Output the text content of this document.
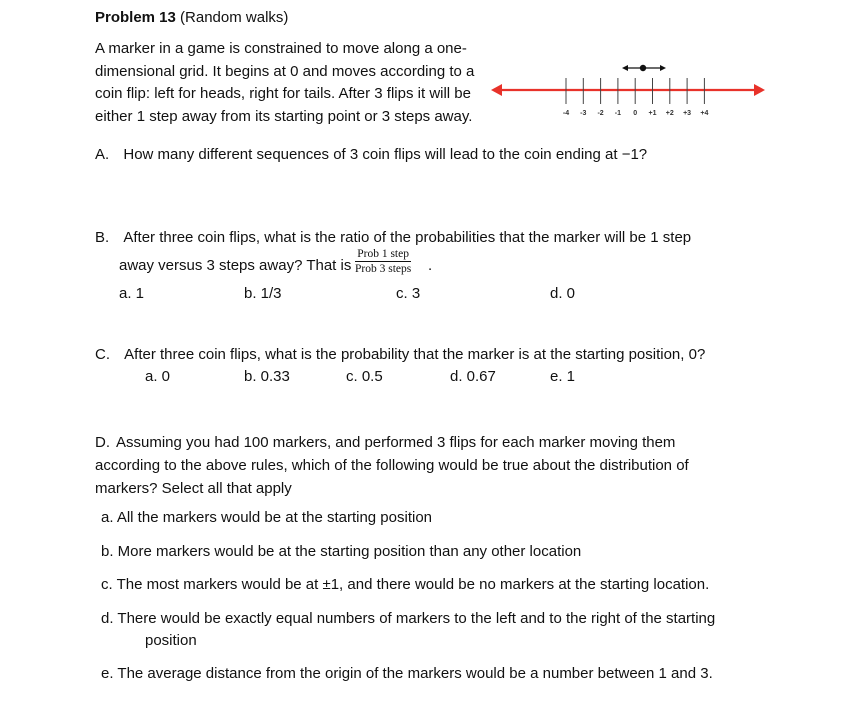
Problem 13 (Random walks)
A marker in a game is constrained to move along a one-
dimensional grid. It begins at 0 and moves according to a
coin flip: left for heads, right for tails. After 3 flips it will be
either 1 step away from its starting point or 3 steps away.	-4 -3 -2 -1 0 +1 +2 +3 +4
A. How many different sequences of 3 coin flips will lead to the coin ending at −1?
B. After three coin flips, what is the ratio of the probabilities that the marker will be 1 step
away versus 3 steps away? That is
Prob 1 step
Prob 3 steps .
a. 1	b. 1/3	c. 3	d. 0
C. After three coin flips, what is the probability that the marker is at the starting position, 0?
a. 0	b. 0.33	c. 0.5	d. 0.67	e. 1
D. Assuming you had 100 markers, and performed 3 flips for each marker moving them
according to the above rules, which of the following would be true about the distribution of
markers? Select all that apply
a. All the markers would be at the starting position
b. More markers would be at the starting position than any other location
c. The most markers would be at ±1, and there would be no markers at the starting location.
d. There would be exactly equal numbers of markers to the left and to the right of the starting
position
e. The average distance from the origin of the markers would be a number between 1 and 3.
